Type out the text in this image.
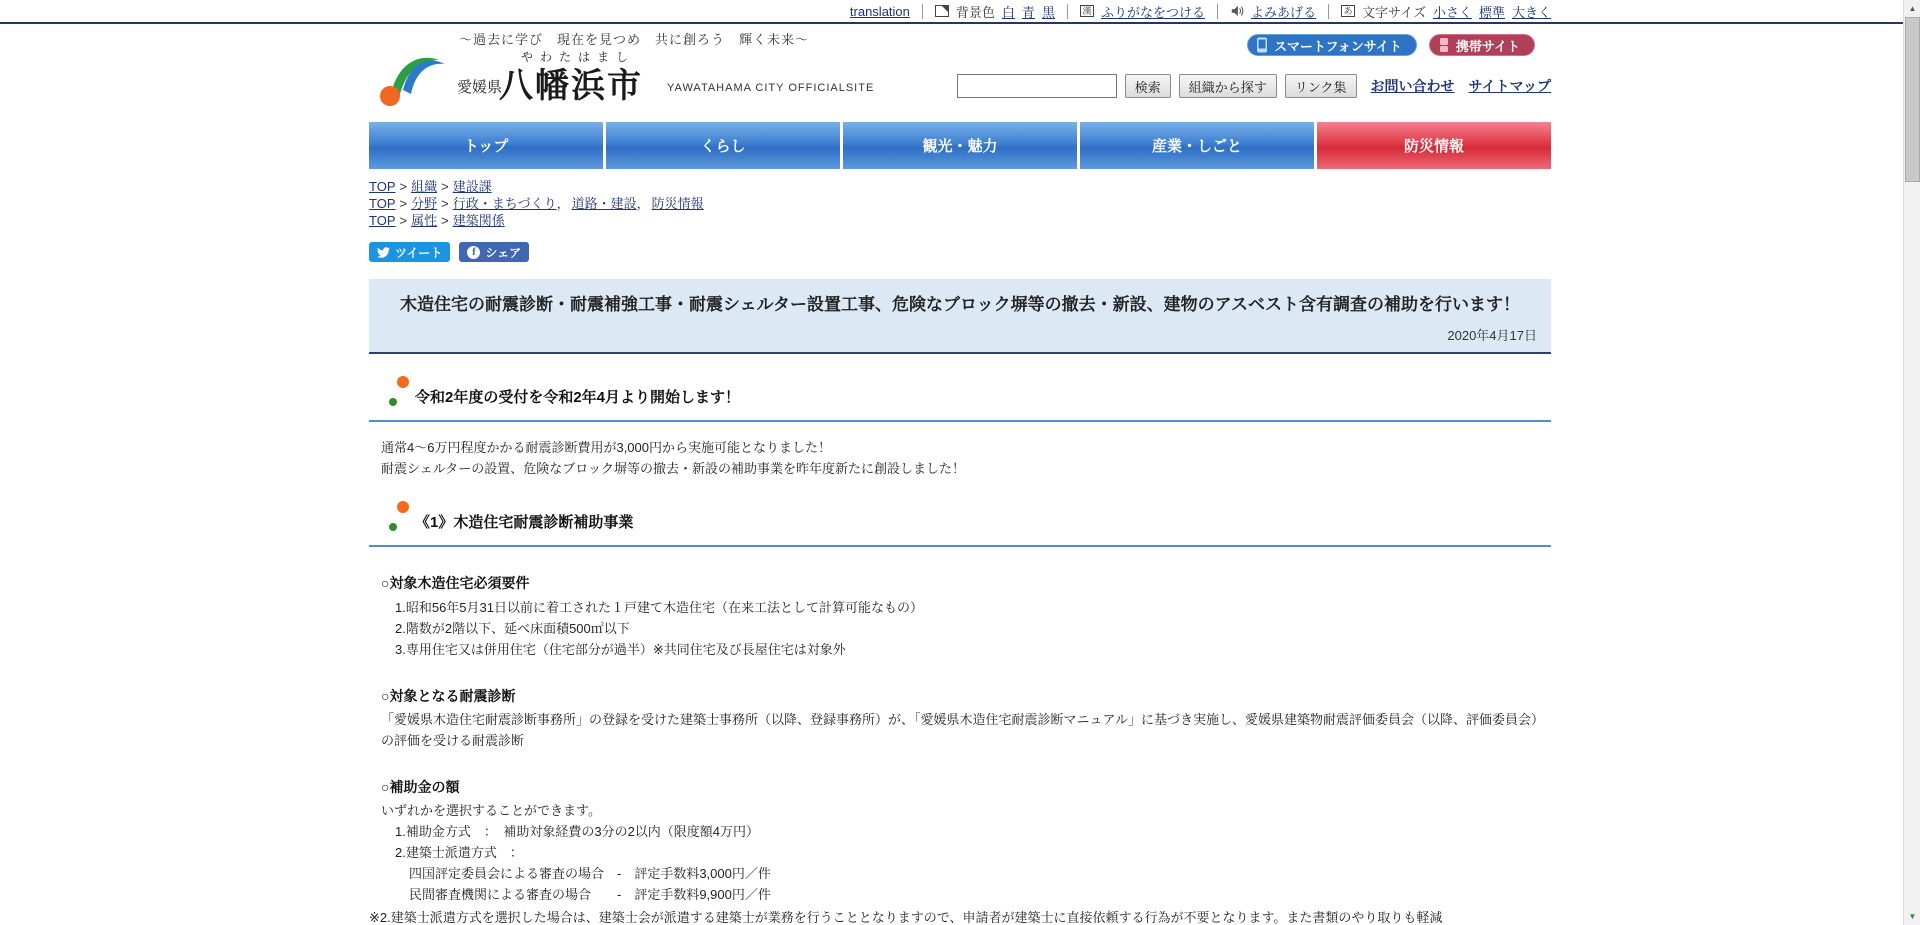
translation	背景色 白 青 黒	漢 ふりがなをつける	よみあげる	あ 文字サイズ 小さく 標準 大きく
～過去に学び　現在を見つめ　共に創ろう　輝く未来～
やわたはまし
愛媛県
八幡浜市 YAWATAHAMA CITY OFFICIALSITE
スマートフォンサイト	携帯サイト
検索	組織から探す	リンク集	お問い合わせ サイトマップ
トップ	くらし	観光・魅力	産業・しごと	防災情報
TOP > 組織 > 建設課
TOP > 分野 > 行政・まちづくり， 道路・建設， 防災情報
TOP > 属性 > 建築関係
ツイート	f シェア
木造住宅の耐震診断・耐震補強工事・耐震シェルター設置工事、危険なブロック塀等の撤去・新設、建物のアスベスト含有調査の補助を行います！
2020年4月17日
令和2年度の受付を令和2年4月より開始します！
通常4～6万円程度かかる耐震診断費用が3,000円から実施可能となりました！
耐震シェルターの設置、危険なブロック塀等の撤去・新設の補助事業を昨年度新たに創設しました！
《1》木造住宅耐震診断補助事業
○対象木造住宅必須要件
1.昭和56年5月31日以前に着工された１戸建て木造住宅（在来工法として計算可能なもの）
2.階数が2階以下、延べ床面積500㎡以下
3.専用住宅又は併用住宅（住宅部分が過半）※共同住宅及び長屋住宅は対象外
○対象となる耐震診断
「愛媛県木造住宅耐震診断事務所」の登録を受けた建築士事務所（以降、登録事務所）が、「愛媛県木造住宅耐震診断マニュアル」に基づき実施し、愛媛県建築物耐震評価委員会（以降、評価委員会）の評価を受ける耐震診断
○補助金の額
いずれかを選択することができます。
1.補助金方式　：　補助対象経費の3分の2以内（限度額4万円）
2.建築士派遣方式　：
四国評定委員会による審査の場合　-　評定手数料3,000円／件
民間審査機関による審査の場合　　-　評定手数料9,900円／件
※2.建築士派遣方式を選択した場合は、建築士会が派遣する建築士が業務を行うこととなりますので、申請者が建築士に直接依頼する行為が不要となります。また書類のやり取りも軽減
▲
▼
